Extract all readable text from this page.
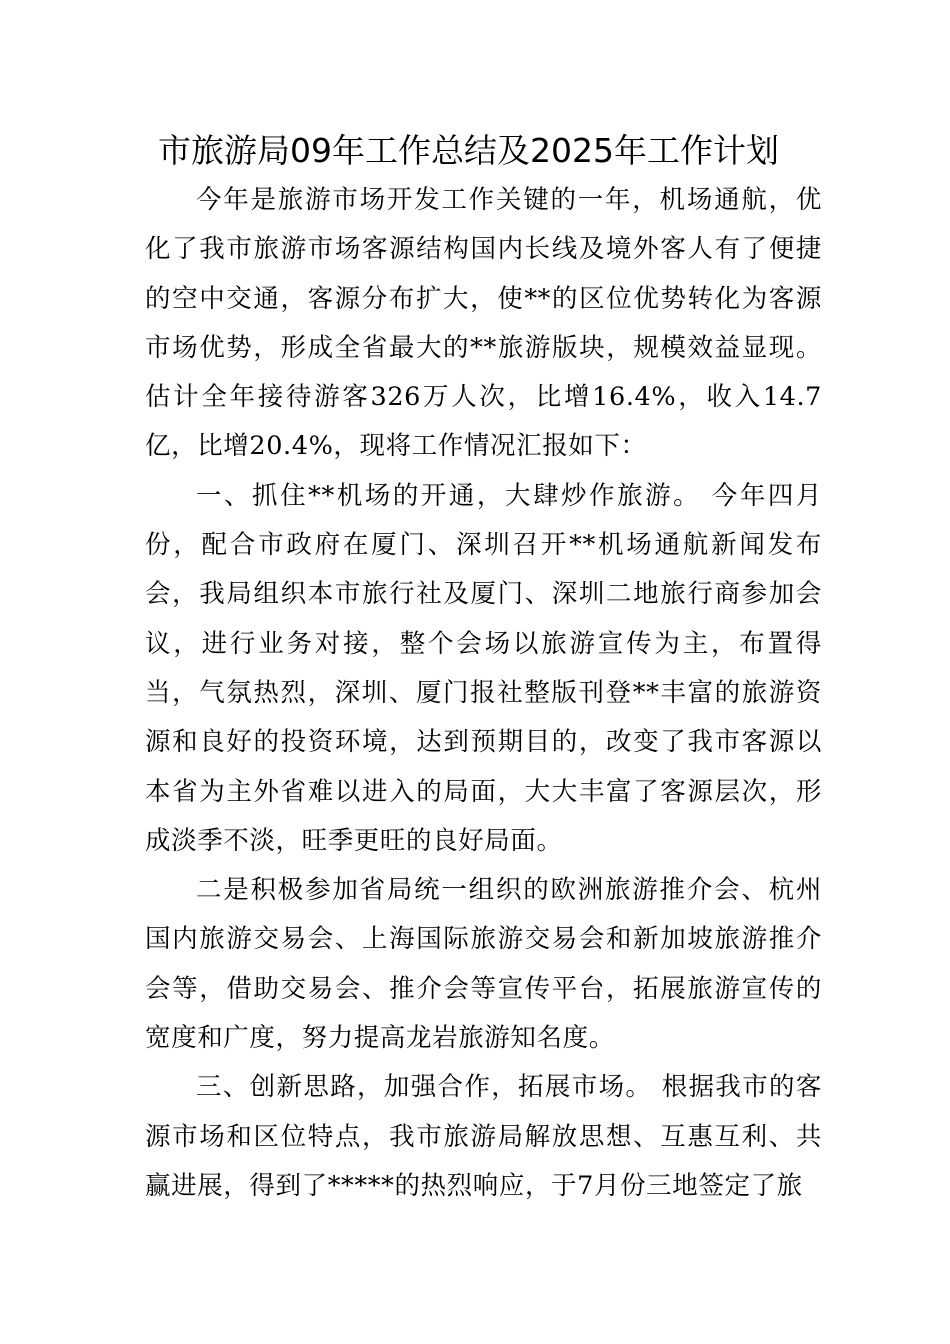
市旅游局09年工作总结及2025年工作计划

今年是旅游市场开发工作关键的一年，机场通航，优化了我市旅游市场客源结构国内长线及境外客人有了便捷的空中交通，客源分布扩大，使**的区位优势转化为客源市场优势，形成全省最大的**旅游版块，规模效益显现。估计全年接待游客326万人次，比增16.4%，收入14.7亿，比增20.4%，现将工作情况汇报如下：

一、抓住**机场的开通，大肆炒作旅游。 今年四月份，配合市政府在厦门、深圳召开**机场通航新闻发布会，我局组织本市旅行社及厦门、深圳二地旅行商参加会议，进行业务对接，整个会场以旅游宣传为主，布置得当，气氛热烈，深圳、厦门报社整版刊登**丰富的旅游资源和良好的投资环境，达到预期目的，改变了我市客源以本省为主外省难以进入的局面，大大丰富了客源层次，形成淡季不淡，旺季更旺的良好局面。

二是积极参加省局统一组织的欧洲旅游推介会、杭州国内旅游交易会、上海国际旅游交易会和新加坡旅游推介会等，借助交易会、推介会等宣传平台，拓展旅游宣传的宽度和广度，努力提高龙岩旅游知名度。

三、创新思路，加强合作，拓展市场。 根据我市的客源市场和区位特点，我市旅游局解放思想、互惠互利、共赢进展，得到了*****的热烈响应，于7月份三地签定了旅
